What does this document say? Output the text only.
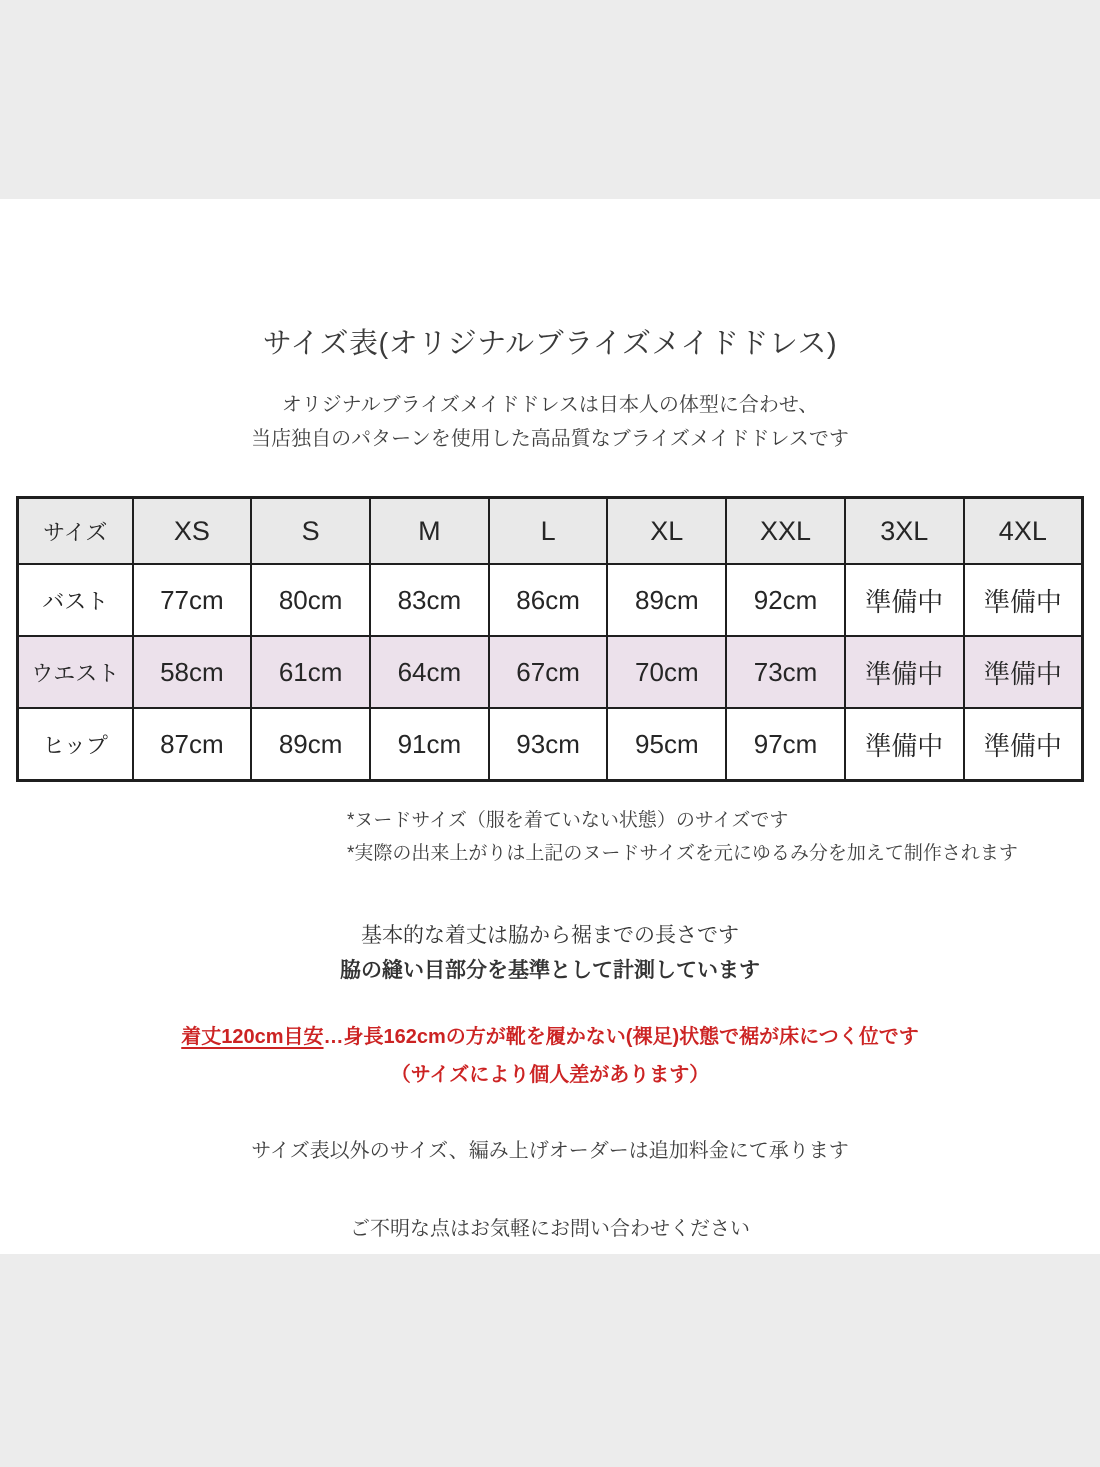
サイズ表(オリジナルブライズメイドドレス)

オリジナルブライズメイドドレスは日本人の体型に合わせ、
当店独自のパターンを使用した高品質なブライズメイドドレスです

サイズ	XS	S	M	L	XL	XXL	3XL	4XL
バスト	77cm	80cm	83cm	86cm	89cm	92cm	準備中	準備中
ウエスト	58cm	61cm	64cm	67cm	70cm	73cm	準備中	準備中
ヒップ	87cm	89cm	91cm	93cm	95cm	97cm	準備中	準備中

*ヌードサイズ（服を着ていない状態）のサイズです

*実際の出来上がりは上記のヌードサイズを元にゆるみ分を加えて制作されます

基本的な着丈は脇から裾までの長さです

脇の縫い目部分を基準として計測しています

着丈120cm目安…身長162cmの方が靴を履かない(裸足)状態で裾が床につく位です

（サイズにより個人差があります）

サイズ表以外のサイズ、編み上げオーダーは追加料金にて承ります

ご不明な点はお気軽にお問い合わせください
